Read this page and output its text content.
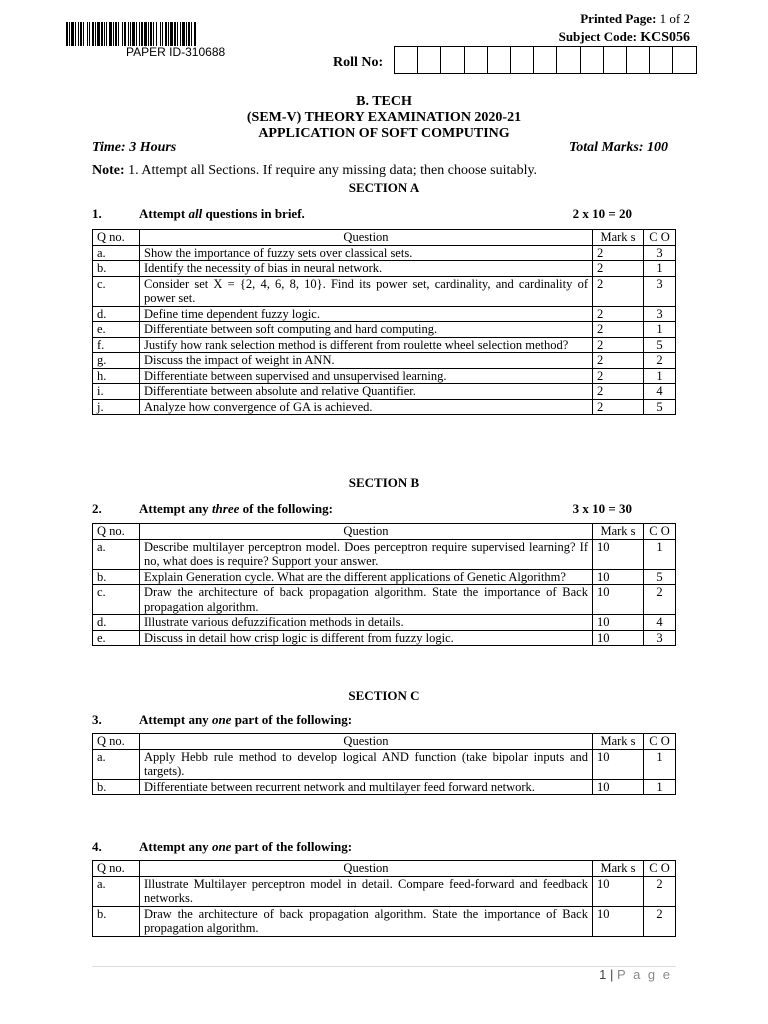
PAPER ID-310688
Printed Page: 1 of 2
Subject Code: KCS056
Roll No:
B. TECH
(SEM-V) THEORY EXAMINATION 2020-21
APPLICATION OF SOFT COMPUTING
Time: 3 Hours	Total Marks: 100
Note: 1. Attempt all Sections. If require any missing data; then choose suitably.
SECTION A
1.	Attempt all questions in brief.	2 x 10 = 20
Q no.	Question	Mark s	C O
a.	Show the importance of fuzzy sets over classical sets.	2	3
b.	Identify the necessity of bias in neural network.	2	1
c.	Consider set X = {2, 4, 6, 8, 10}. Find its power set, cardinality, and cardinality of power set.	2	3
d.	Define time dependent fuzzy logic.	2	3
e.	Differentiate between soft computing and hard computing.	2	1
f.	Justify how rank selection method is different from roulette wheel selection method?	2	5
g.	Discuss the impact of weight in ANN.	2	2
h.	Differentiate between supervised and unsupervised learning.	2	1
i.	Differentiate between absolute and relative Quantifier.	2	4
j.	Analyze how convergence of GA is achieved.	2	5
SECTION B
2.	Attempt any three of the following:	3 x 10 = 30
Q no.	Question	Mark s	C O
a.	Describe multilayer perceptron model. Does perceptron require supervised learning? If no, what does is require? Support your answer.	10	1
b.	Explain Generation cycle. What are the different applications of Genetic Algorithm?	10	5
c.	Draw the architecture of back propagation algorithm. State the importance of Back propagation algorithm.	10	2
d.	Illustrate various defuzzification methods in details.	10	4
e.	Discuss in detail how crisp logic is different from fuzzy logic.	10	3
SECTION C
3.	Attempt any one part of the following:
Q no.	Question	Mark s	C O
a.	Apply Hebb rule method to develop logical AND function (take bipolar inputs and targets).	10	1
b.	Differentiate between recurrent network and multilayer feed forward network.	10	1
4.	Attempt any one part of the following:
Q no.	Question	Mark s	C O
a.	Illustrate Multilayer perceptron model in detail. Compare feed-forward and feedback networks.	10	2
b.	Draw the architecture of back propagation algorithm. State the importance of Back propagation algorithm.	10	2
1 | P a g e
